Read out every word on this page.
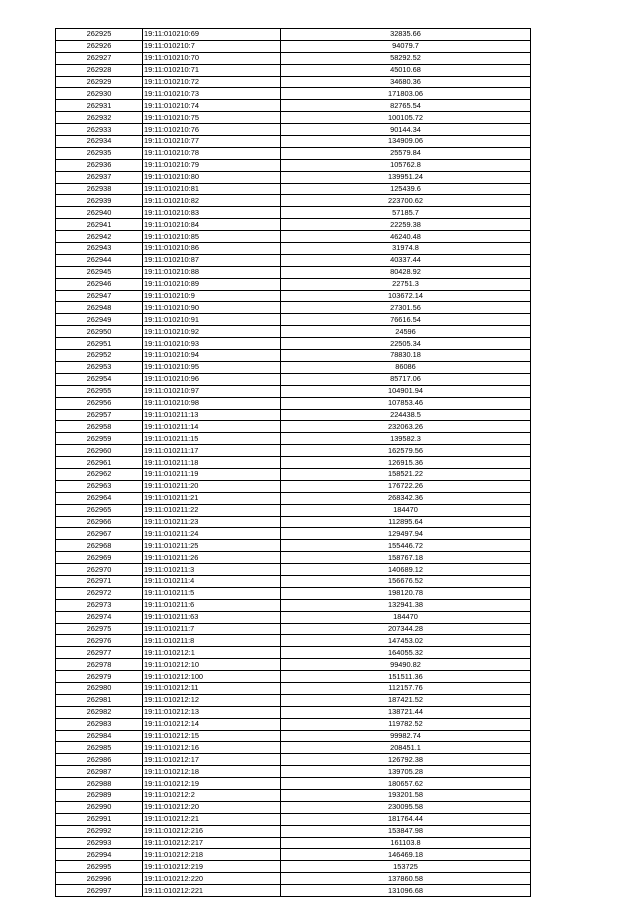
262925	19:11:010210:69	32835.66
262926	19:11:010210:7	94079.7
262927	19:11:010210:70	58292.52
262928	19:11:010210:71	45010.68
262929	19:11:010210:72	34680.36
262930	19:11:010210:73	171803.06
262931	19:11:010210:74	82765.54
262932	19:11:010210:75	100105.72
262933	19:11:010210:76	90144.34
262934	19:11:010210:77	134909.06
262935	19:11:010210:78	25579.84
262936	19:11:010210:79	105762.8
262937	19:11:010210:80	139951.24
262938	19:11:010210:81	125439.6
262939	19:11:010210:82	223700.62
262940	19:11:010210:83	57185.7
262941	19:11:010210:84	22259.38
262942	19:11:010210:85	46240.48
262943	19:11:010210:86	31974.8
262944	19:11:010210:87	40337.44
262945	19:11:010210:88	80428.92
262946	19:11:010210:89	22751.3
262947	19:11:010210:9	103672.14
262948	19:11:010210:90	27301.56
262949	19:11:010210:91	76616.54
262950	19:11:010210:92	24596
262951	19:11:010210:93	22505.34
262952	19:11:010210:94	78830.18
262953	19:11:010210:95	86086
262954	19:11:010210:96	85717.06
262955	19:11:010210:97	104901.94
262956	19:11:010210:98	107853.46
262957	19:11:010211:13	224438.5
262958	19:11:010211:14	232063.26
262959	19:11:010211:15	139582.3
262960	19:11:010211:17	162579.56
262961	19:11:010211:18	126915.36
262962	19:11:010211:19	158521.22
262963	19:11:010211:20	176722.26
262964	19:11:010211:21	268342.36
262965	19:11:010211:22	184470
262966	19:11:010211:23	112895.64
262967	19:11:010211:24	129497.94
262968	19:11:010211:25	155446.72
262969	19:11:010211:26	158767.18
262970	19:11:010211:3	140689.12
262971	19:11:010211:4	156676.52
262972	19:11:010211:5	198120.78
262973	19:11:010211:6	132941.38
262974	19:11:010211:63	184470
262975	19:11:010211:7	207344.28
262976	19:11:010211:8	147453.02
262977	19:11:010212:1	164055.32
262978	19:11:010212:10	99490.82
262979	19:11:010212:100	151511.36
262980	19:11:010212:11	112157.76
262981	19:11:010212:12	187421.52
262982	19:11:010212:13	138721.44
262983	19:11:010212:14	119782.52
262984	19:11:010212:15	99982.74
262985	19:11:010212:16	208451.1
262986	19:11:010212:17	126792.38
262987	19:11:010212:18	139705.28
262988	19:11:010212:19	180657.62
262989	19:11:010212:2	193201.58
262990	19:11:010212:20	230095.58
262991	19:11:010212:21	181764.44
262992	19:11:010212:216	153847.98
262993	19:11:010212:217	161103.8
262994	19:11:010212:218	146469.18
262995	19:11:010212:219	153725
262996	19:11:010212:220	137860.58
262997	19:11:010212:221	131096.68
